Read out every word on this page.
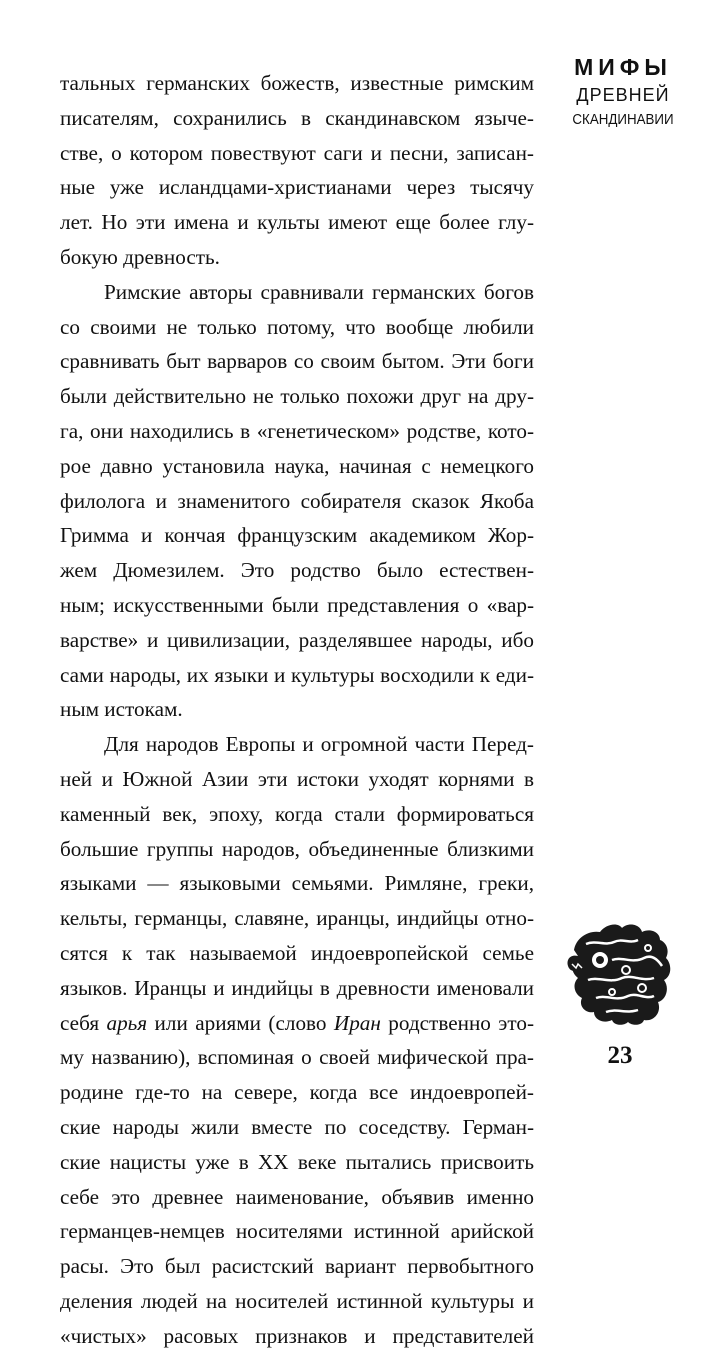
тальных германских божеств, известные римским
писателям, сохранились в скандинавском языче-
стве, о котором повествуют саги и песни, записан-
ные уже исландцами-христианами через тысячу
лет. Но эти имена и культы имеют еще более глу-
бокую древность.

Римские авторы сравнивали германских богов
со своими не только потому, что вообще любили
сравнивать быт варваров со своим бытом. Эти боги
были действительно не только похожи друг на дру-
га, они находились в «генетическом» родстве, кото-
рое давно установила наука, начиная с немецкого
филолога и знаменитого собирателя сказок Якоба
Гримма и кончая французским академиком Жор-
жем Дюмезилем. Это родство было естествен-
ным; искусственными были представления о «вар-
варстве» и цивилизации, разделявшее народы, ибо
сами народы, их языки и культуры восходили к еди-
ным истокам.

Для народов Европы и огромной части Перед-
ней и Южной Азии эти истоки уходят корнями в
каменный век, эпоху, когда стали формироваться
большие группы народов, объединенные близкими
языками — языковыми семьями. Римляне, греки,
кельты, германцы, славяне, иранцы, индийцы отно-
сятся к так называемой индоевропейской семье
языков. Иранцы и индийцы в древности именовали
себя арья или ариями (слово Иран родственно это-
му названию), вспоминая о своей мифической пра-
родине где-то на севере, когда все индоевропей-
ские народы жили вместе по соседству. Герман-
ские нацисты уже в XX веке пытались присвоить
себе это древнее наименование, объявив именно
германцев-немцев носителями истинной арийской
расы. Это был расистский вариант первобытного
деления людей на носителей истинной культуры и
«чистых» расовых признаков и представителей

МИФЫ
ДРЕВНЕЙ
СКАНДИНАВИИ
23
